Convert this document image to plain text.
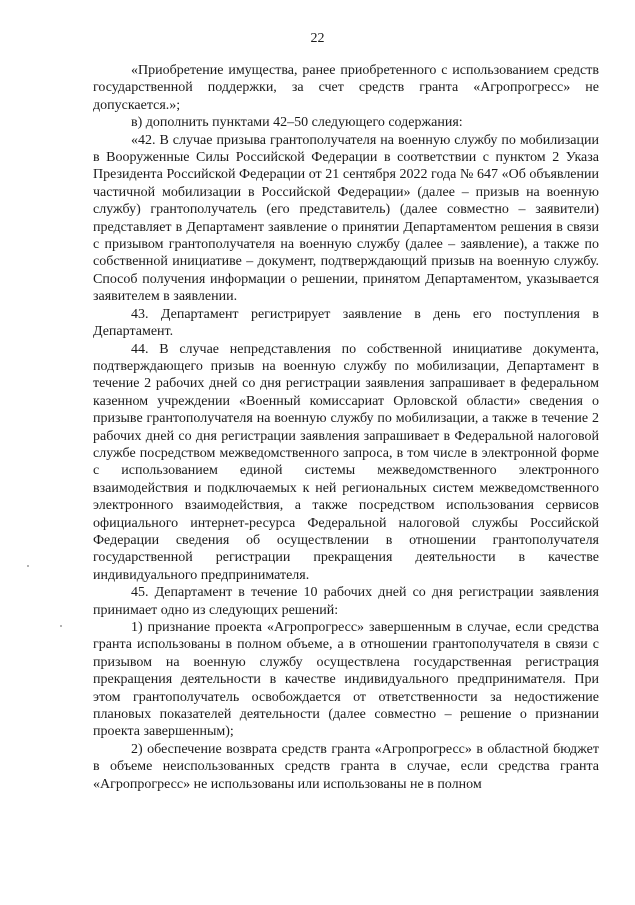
22

«Приобретение имущества, ранее приобретенного с использованием средств государственной поддержки, за счет средств гранта «Агропрогресс» не допускается.»;

в) дополнить пунктами 42–50 следующего содержания:

«42. В случае призыва грантополучателя на военную службу по мобилизации в Вооруженные Силы Российской Федерации в соответствии с пунктом 2 Указа Президента Российской Федерации от 21 сентября 2022 года № 647 «Об объявлении частичной мобилизации в Российской Федерации» (далее – призыв на военную службу) грантополучатель (его представитель) (далее совместно – заявители) представляет в Департамент заявление о принятии Департаментом решения в связи с призывом грантополучателя на военную службу (далее – заявление), а также по собственной инициативе – документ, подтверждающий призыв на военную службу. Способ получения информации о решении, принятом Департаментом, указывается заявителем в заявлении.

43. Департамент регистрирует заявление в день его поступления в Департамент.

44. В случае непредставления по собственной инициативе документа, подтверждающего призыв на военную службу по мобилизации, Департамент в течение 2 рабочих дней со дня регистрации заявления запрашивает в федеральном казенном учреждении «Военный комиссариат Орловской области» сведения о призыве грантополучателя на военную службу по мобилизации, а также в течение 2 рабочих дней со дня регистрации заявления запрашивает в Федеральной налоговой службе посредством межведомственного запроса, в том числе в электронной форме с использованием единой системы межведомственного электронного взаимодействия и подключаемых к ней региональных систем межведомственного электронного взаимодействия, а также посредством использования сервисов официального интернет-ресурса Федеральной налоговой службы Российской Федерации сведения об осуществлении в отношении грантополучателя государственной регистрации прекращения деятельности в качестве индивидуального предпринимателя.

45. Департамент в течение 10 рабочих дней со дня регистрации заявления принимает одно из следующих решений:

1) признание проекта «Агропрогресс» завершенным в случае, если средства гранта использованы в полном объеме, а в отношении грантополучателя в связи с призывом на военную службу осуществлена государственная регистрация прекращения деятельности в качестве индивидуального предпринимателя. При этом грантополучатель освобождается от ответственности за недостижение плановых показателей деятельности (далее совместно – решение о признании проекта завершенным);

2) обеспечение возврата средств гранта «Агропрогресс» в областной бюджет в объеме неиспользованных средств гранта в случае, если средства гранта «Агропрогресс» не использованы или использованы не в полном
